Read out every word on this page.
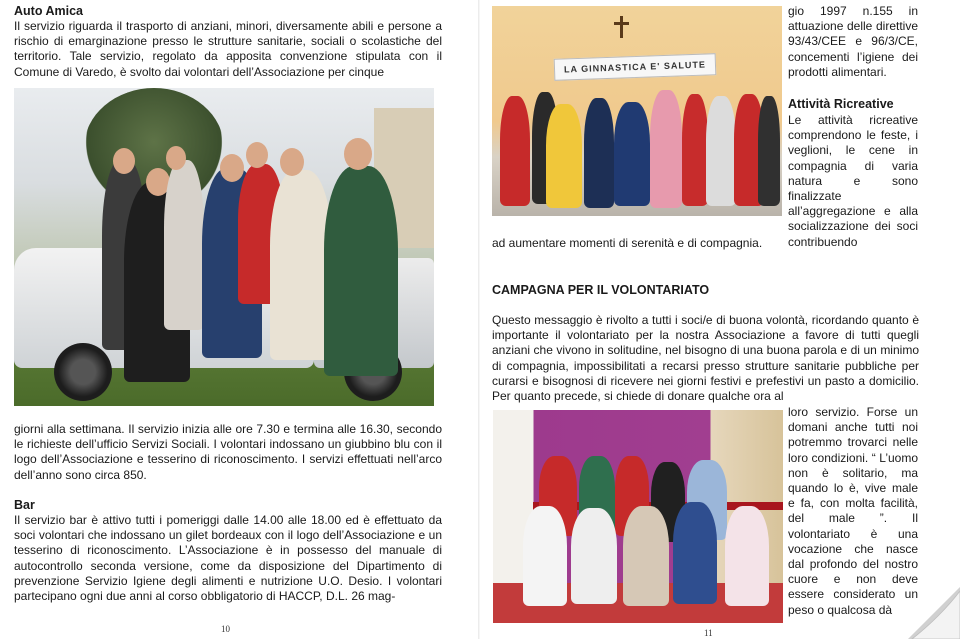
Auto Amica

Il servizio riguarda il trasporto di anziani, minori, diversamente abili e persone a rischio di emarginazione presso le strutture sanitarie, sociali o scolastiche del territorio. Tale servizio, regolato da apposita convenzione stipulata con il Comune di Varedo, è svolto dai volontari dell’Associazione per cinque

giorni alla settimana. Il servizio inizia alle ore 7.30 e termina alle 16.30, secondo le richieste dell’ufficio Servizi Sociali. I volontari indossano un giubbino blu con il logo dell’Associazione e tesserino di riconoscimento. I servizi effettuati nell’arco dell’anno sono circa 850.

Bar

Il servizio bar è attivo tutti i pomeriggi dalle 14.00 alle 18.00 ed è effettuato da soci volontari che indossano un gilet bordeaux con il logo dell’Associazione e un tesserino di riconoscimento. L’Associazione è in possesso del manuale di autocontrollo seconda versione, come da disposizione del Dipartimento di prevenzione Servizio Igiene degli alimenti e nutrizione U.O. Desio. I volontari partecipano ogni due anni al corso obbligatorio di HACCP, D.L. 26 mag-

10
LA GINNASTICA E' SALUTE

gio 1997 n.155 in attuazione delle direttive 93/43/CEE e 96/3/CE, concementi l’igiene dei prodotti alimentari.

Attività Ricreative

Le attività ricreative comprendono le feste, i veglioni, le cene in compagnia di varia natura e sono finalizzate all’aggregazione e alla socializzazione dei soci contribuendo

ad aumentare momenti di serenità e di compagnia.

CAMPAGNA PER IL VOLONTARIATO

Questo messaggio è rivolto a tutti i soci/e di buona volontà, ricordando quanto è importante il volontariato per la nostra Associazione a favore di tutti quegli anziani che vivono in solitudine, nel bisogno di una buona parola e di un minimo di compagnia, impossibilitati a recarsi presso strutture sanitarie pubbliche per curarsi e bisognosi di ricevere nei giorni festivi e prefestivi un pasto a domicilio. Per quanto precede, si chiede di donare qualche ora al

loro servizio. Forse un domani anche tutti noi potremmo trovarci nelle loro condizioni. “ L’uomo non è solitario, ma quando lo è, vive male e fa, con molta facilità, del male ”. Il volontariato è una vocazione che nasce dal profondo del nostro cuore e non deve essere considerato un peso o qualcosa dà

11
